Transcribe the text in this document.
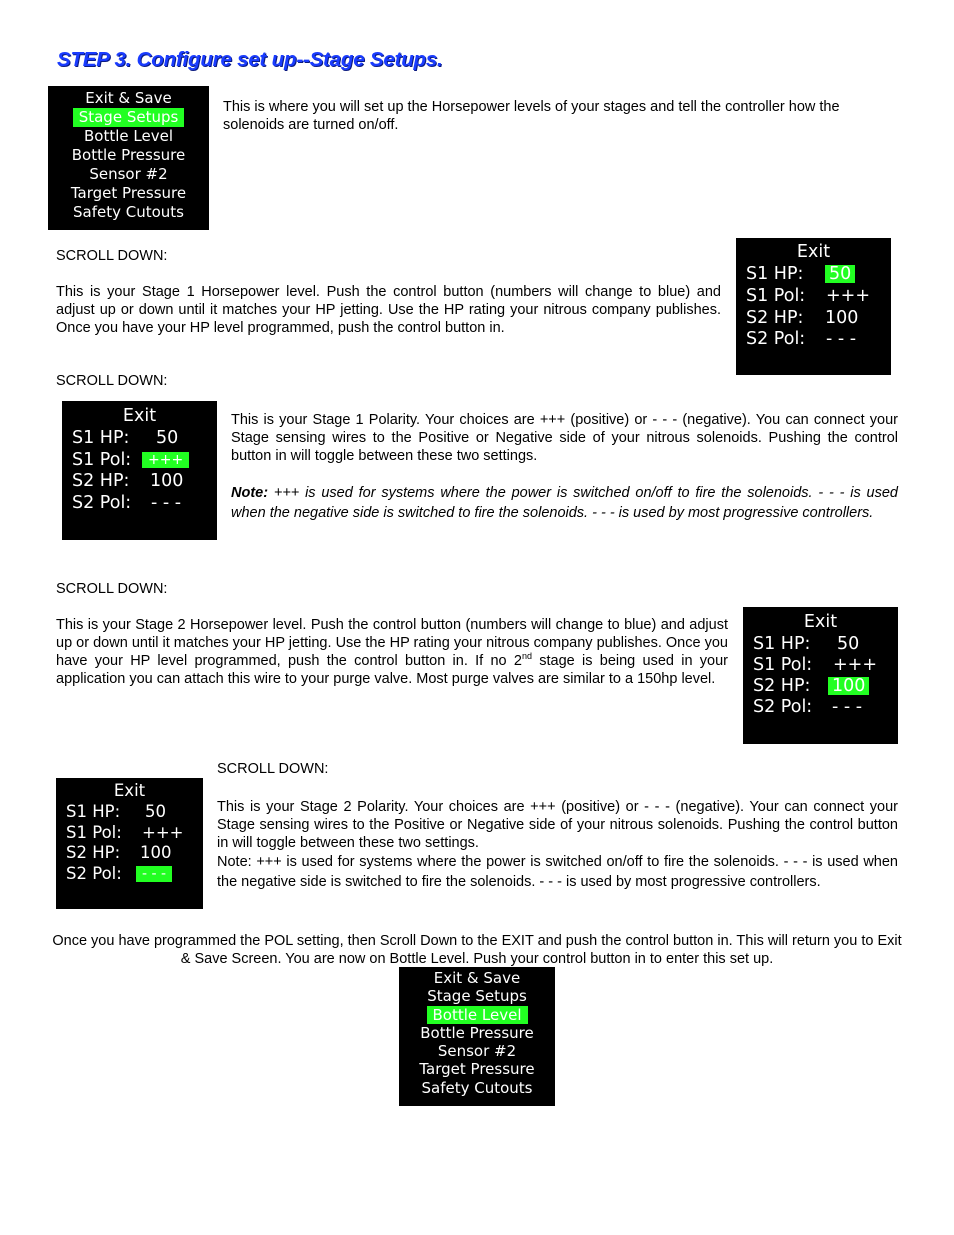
STEP 3. Configure set up--Stage Setups.
Exit & Save
Stage Setups
Bottle Level
Bottle Pressure
Sensor #2
Target Pressure
Safety Cutouts
This is where you will set up the Horsepower levels of your stages and tell the controller how the solenoids are turned on/off.
SCROLL DOWN:
This is your Stage 1 Horsepower level. Push the control button (numbers will change to blue) and adjust up or down until it matches your HP jetting. Use the HP rating your nitrous company publishes. Once you have your HP level programmed, push the control button in.
Exit
S1 HP: 50
S1 Pol: +++
S2 HP: 100
S2 Pol: - - -
SCROLL DOWN:
Exit
S1 HP: 50
S1 Pol:	+++
S2 HP: 100
S2 Pol: - - -

This is your Stage 1 Polarity. Your choices are +++ (positive) or - - - (negative). You can connect your Stage sensing wires to the Positive or Negative side of your nitrous solenoids. Pushing the control button in will toggle between these two settings.

Note: +++ is used for systems where the power is switched on/off to fire the solenoids. - - - is used when the negative side is switched to fire the solenoids. - - - is used by most progressive controllers.

SCROLL DOWN:
This is your Stage 2 Horsepower level. Push the control button (numbers will change to blue) and adjust up or down until it matches your HP jetting. Use the HP rating your nitrous company publishes. Once you have your HP level programmed, push the control button in. If no 2nd stage is being used in your application you can attach this wire to your purge valve. Most purge valves are similar to a 150hp level.
Exit
S1 HP: 50
S1 Pol: +++
S2 HP: 100
S2 Pol: - - -
Exit
S1 HP: 50
S1 Pol: +++
S2 HP: 100
S2 Pol:	- - -
SCROLL DOWN:

This is your Stage 2 Polarity. Your choices are +++ (positive) or - - - (negative). Your can connect your Stage sensing wires to the Positive or Negative side of your nitrous solenoids. Pushing the control button in will toggle between these two settings.

Note: +++ is used for systems where the power is switched on/off to fire the solenoids. - - - is used when the negative side is switched to fire the solenoids. - - - is used by most progressive controllers.

Once you have programmed the POL setting, then Scroll Down to the EXIT and push the control button in. This will return you to Exit & Save Screen. You are now on Bottle Level. Push your control button in to enter this set up.
Exit & Save
Stage Setups
Bottle Level
Bottle Pressure
Sensor #2
Target Pressure
Safety Cutouts
